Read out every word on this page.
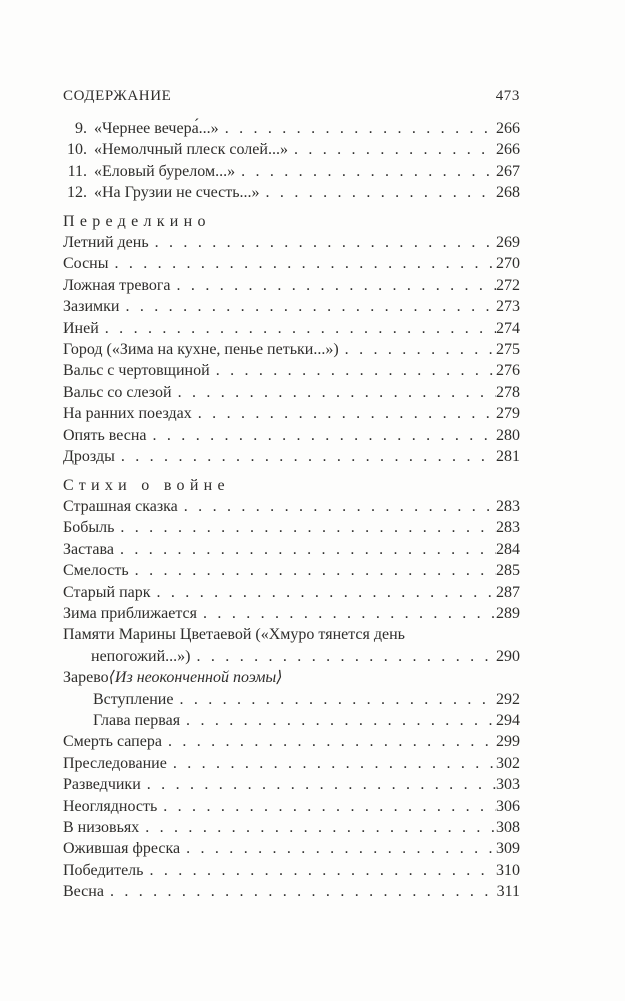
СОДЕРЖАНИЕ	473
9. «Чернее вечера́...» . . .	266
10. «Немолчный плеск солей...» . . .	266
11. «Еловый бурелом...» . . .	267
12. «На Грузии не счесть...» . . .	268
Переделкино
Летний день . . .	269
Сосны . . .	270
Ложная тревога . . .	272
Зазимки . . .	273
Иней . . .	274
Город («Зима на кухне, пенье петьки...») . . .	275
Вальс с чертовщиной . . .	276
Вальс со слезой . . .	278
На ранних поездах . . .	279
Опять весна . . .	280
Дрозды . . .	281
Стихи о войне
Страшная сказка . . .	283
Бобыль . . .	283
Застава . . .	284
Смелость . . .	285
Старый парк . . .	287
Зима приближается . . .	289
Памяти Марины Цветаевой («Хмуро тянется день
непогожий...») . . .	290
Зарево ⟨Из неоконченной поэмы⟩
Вступление . . .	292
Глава первая . . .	294
Смерть сапера . . .	299
Преследование . . .	302
Разведчики . . .	303
Неоглядность . . .	306
В низовьях . . .	308
Ожившая фреска . . .	309
Победитель . . .	310
Весна . . .	311
